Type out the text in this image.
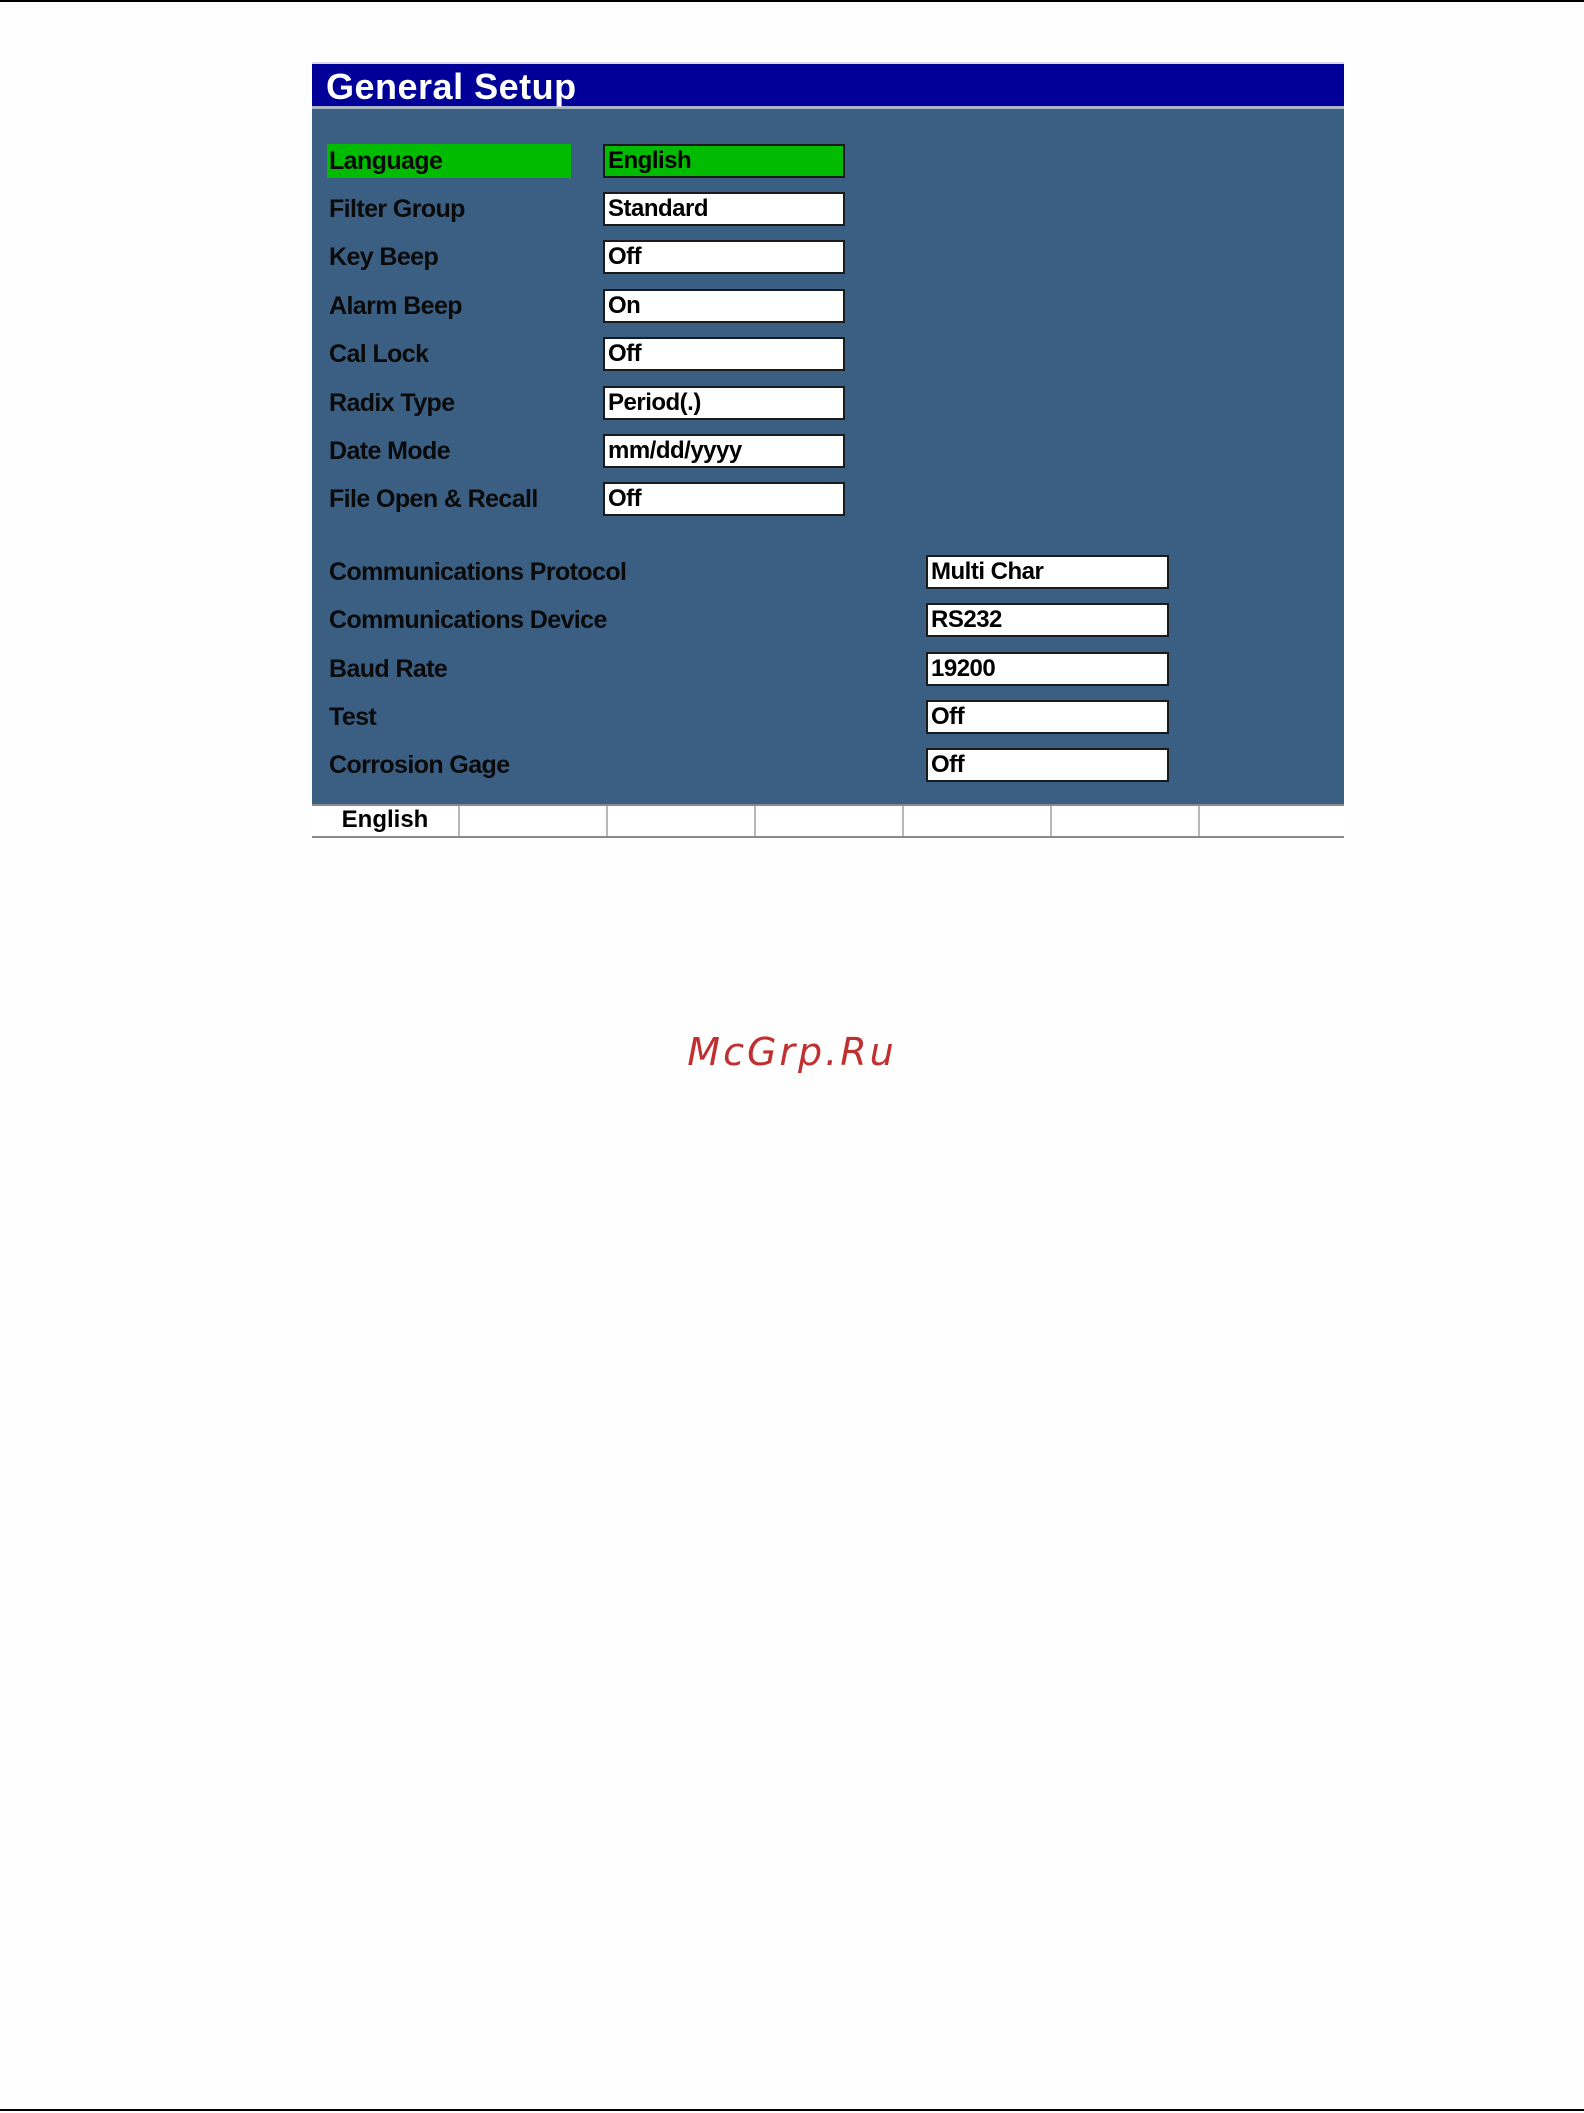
General Setup
Language	English
Filter Group	Standard
Key Beep	Off
Alarm Beep	On
Cal Lock	Off
Radix Type	Period(.)
Date Mode	mm/dd/yyyy
File Open & Recall	Off
Communications Protocol	Multi Char
Communications Device	RS232
Baud Rate	19200
Test	Off
Corrosion Gage	Off
English
McGrp.Ru
